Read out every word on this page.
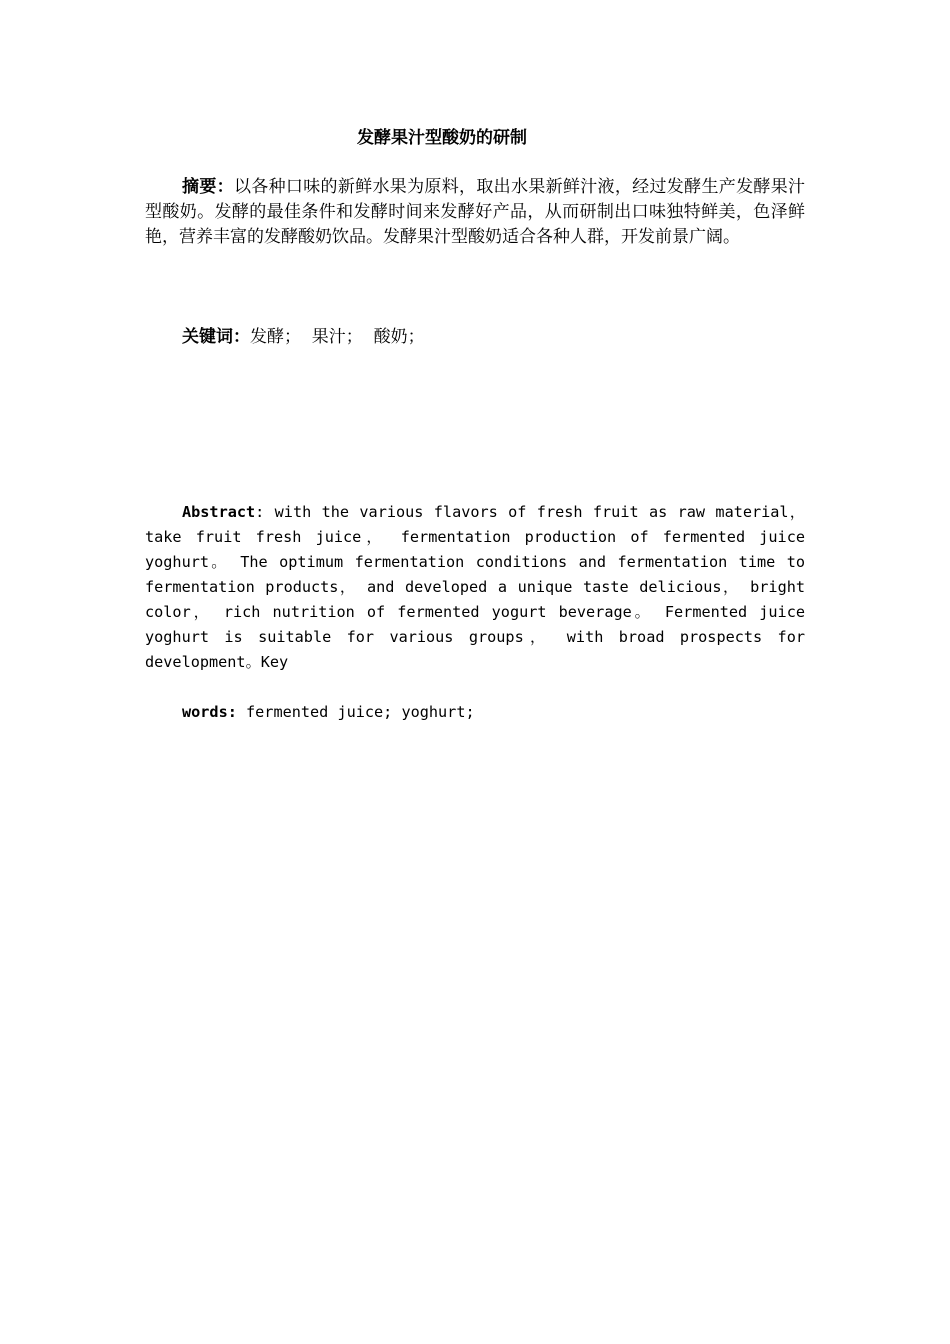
发酵果汁型酸奶的研制
摘要：以各种口味的新鲜水果为原料，取出水果新鲜汁液，经过发酵生产发酵果汁型酸奶。发酵的最佳条件和发酵时间来发酵好产品，从而研制出口味独特鲜美，色泽鲜艳，营养丰富的发酵酸奶饮品。发酵果汁型酸奶适合各种人群，开发前景广阔。
关键词：发酵；  果汁；  酸奶；
Abstract: with the various flavors of fresh fruit as raw material， take fruit fresh juice， fermentation production of fermented juice yoghurt。 The optimum fermentation conditions and fermentation time to fermentation products， and developed a unique taste delicious， bright color， rich nutrition of fermented yogurt beverage。 Fermented juice yoghurt is suitable for various groups， with broad prospects for development。Key
words: fermented juice; yoghurt;
